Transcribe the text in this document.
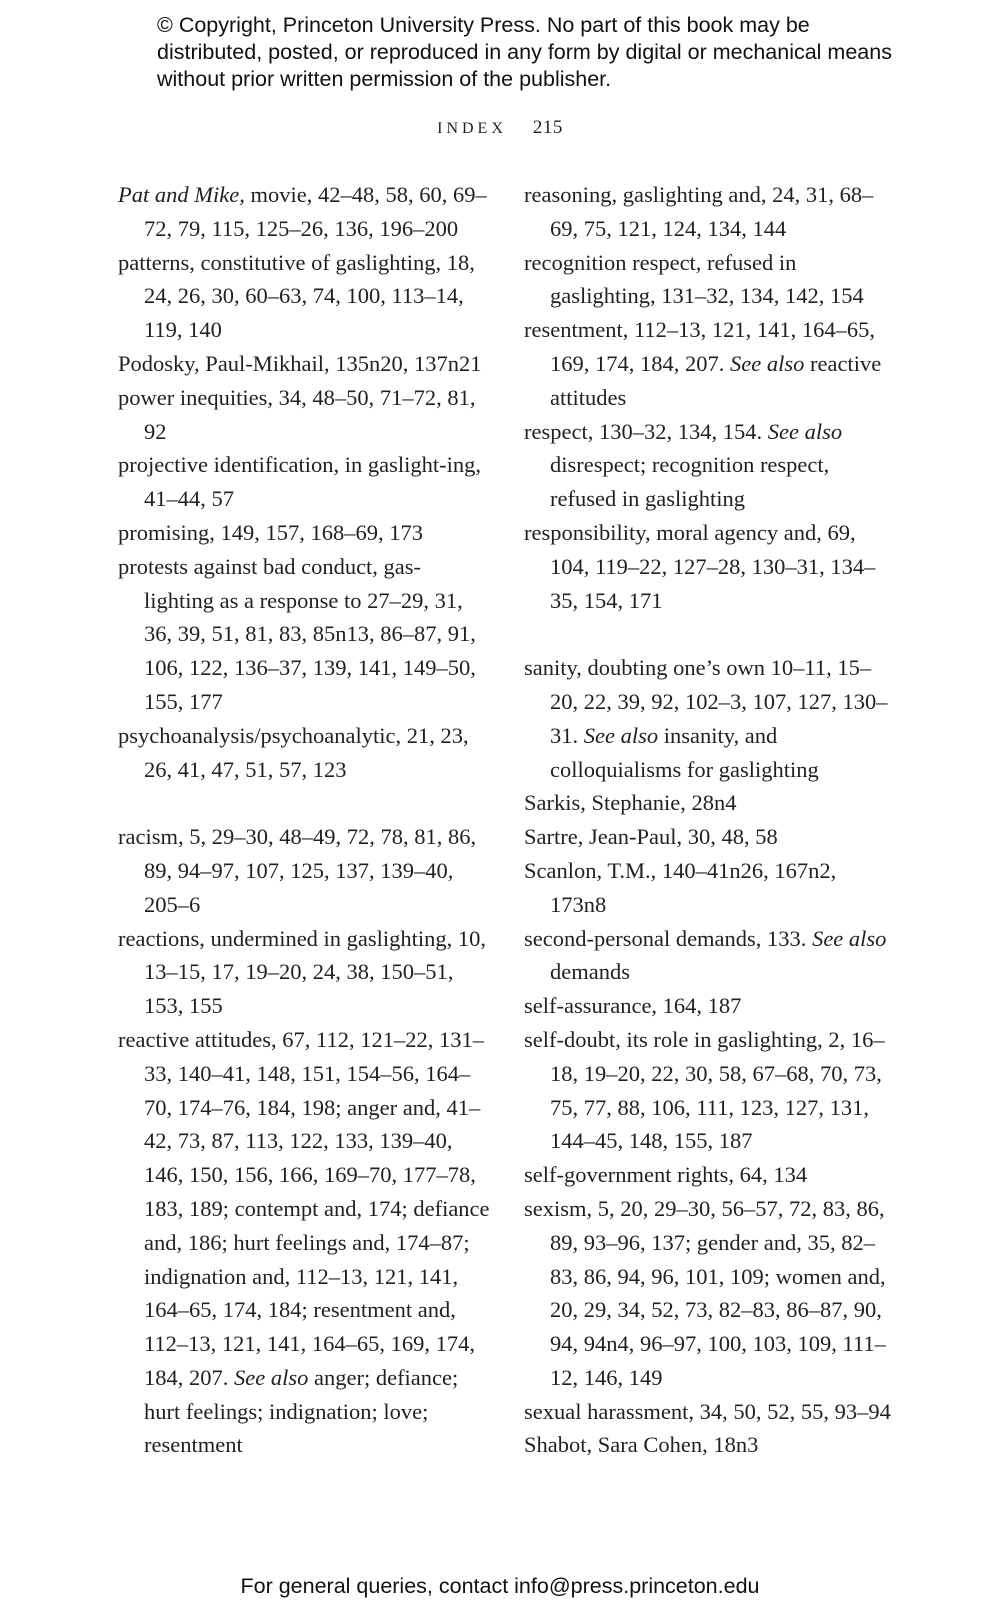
© Copyright, Princeton University Press. No part of this book may be distributed, posted, or reproduced in any form by digital or mechanical means without prior written permission of the publisher.
INDEX 215
Pat and Mike, movie, 42–48, 58, 60, 69–72, 79, 115, 125–26, 136, 196–200
patterns, constitutive of gaslighting, 18, 24, 26, 30, 60–63, 74, 100, 113–14, 119, 140
Podosky, Paul-Mikhail, 135n20, 137n21
power inequities, 34, 48–50, 71–72, 81, 92
projective identification, in gaslight-ing, 41–44, 57
promising, 149, 157, 168–69, 173
protests against bad conduct, gas-lighting as a response to 27–29, 31, 36, 39, 51, 81, 83, 85n13, 86–87, 91, 106, 122, 136–37, 139, 141, 149–50, 155, 177
psychoanalysis/psychoanalytic, 21, 23, 26, 41, 47, 51, 57, 123
racism, 5, 29–30, 48–49, 72, 78, 81, 86, 89, 94–97, 107, 125, 137, 139–40, 205–6
reactions, undermined in gaslighting, 10, 13–15, 17, 19–20, 24, 38, 150–51, 153, 155
reactive attitudes, 67, 112, 121–22, 131–33, 140–41, 148, 151, 154–56, 164–70, 174–76, 184, 198; anger and, 41–42, 73, 87, 113, 122, 133, 139–40, 146, 150, 156, 166, 169–70, 177–78, 183, 189; contempt and, 174; defiance and, 186; hurt feelings and, 174–87; indignation and, 112–13, 121, 141, 164–65, 174, 184; resentment and, 112–13, 121, 141, 164–65, 169, 174, 184, 207. See also anger; defiance; hurt feelings; indignation; love; resentment
reasoning, gaslighting and, 24, 31, 68–69, 75, 121, 124, 134, 144
recognition respect, refused in gaslighting, 131–32, 134, 142, 154
resentment, 112–13, 121, 141, 164–65, 169, 174, 184, 207. See also reactive attitudes
respect, 130–32, 134, 154. See also disrespect; recognition respect, refused in gaslighting
responsibility, moral agency and, 69, 104, 119–22, 127–28, 130–31, 134–35, 154, 171
sanity, doubting one’s own 10–11, 15–20, 22, 39, 92, 102–3, 107, 127, 130–31. See also insanity, and colloquialisms for gaslighting
Sarkis, Stephanie, 28n4
Sartre, Jean-Paul, 30, 48, 58
Scanlon, T.M., 140–41n26, 167n2, 173n8
second-personal demands, 133. See also demands
self-assurance, 164, 187
self-doubt, its role in gaslighting, 2, 16–18, 19–20, 22, 30, 58, 67–68, 70, 73, 75, 77, 88, 106, 111, 123, 127, 131, 144–45, 148, 155, 187
self-government rights, 64, 134
sexism, 5, 20, 29–30, 56–57, 72, 83, 86, 89, 93–96, 137; gender and, 35, 82–83, 86, 94, 96, 101, 109; women and, 20, 29, 34, 52, 73, 82–83, 86–87, 90, 94, 94n4, 96–97, 100, 103, 109, 111–12, 146, 149
sexual harassment, 34, 50, 52, 55, 93–94
Shabot, Sara Cohen, 18n3
For general queries, contact info@press.princeton.edu
